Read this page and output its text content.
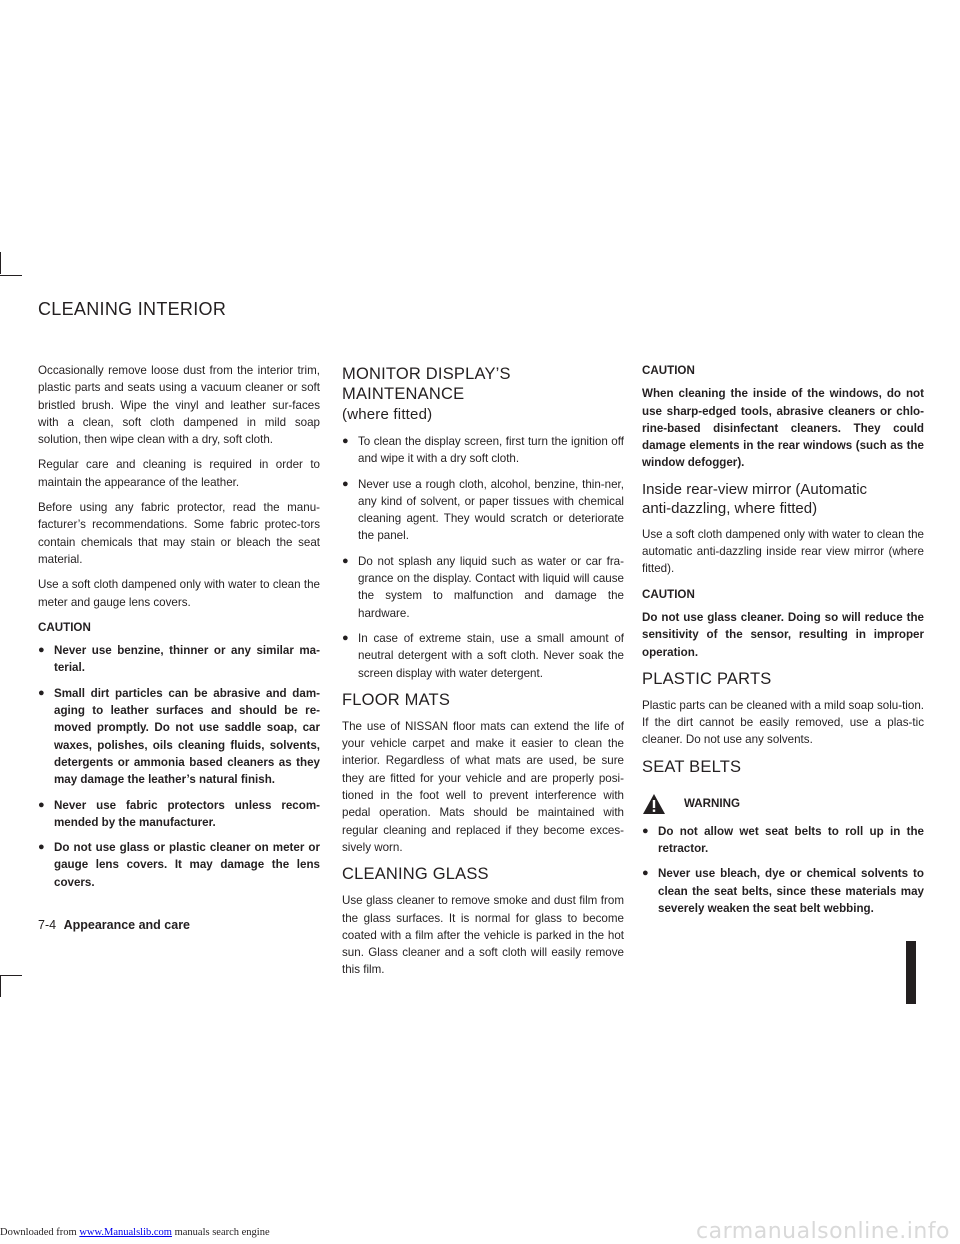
CLEANING INTERIOR

Occasionally remove loose dust from the interior trim, plastic parts and seats using a vacuum cleaner or soft bristled brush. Wipe the vinyl and leather sur-faces with a clean, soft cloth dampened in mild soap solution, then wipe clean with a dry, soft cloth.

Regular care and cleaning is required in order to maintain the appearance of the leather.

Before using any fabric protector, read the manu-facturer’s recommendations. Some fabric protec-tors contain chemicals that may stain or bleach the seat material.

Use a soft cloth dampened only with water to clean the meter and gauge lens covers.

CAUTION
● Never use benzine, thinner or any similar ma-terial.
● Small dirt particles can be abrasive and dam-aging to leather surfaces and should be re-moved promptly. Do not use saddle soap, car waxes, polishes, oils cleaning fluids, solvents, detergents or ammonia based cleaners as they may damage the leather’s natural finish.
● Never use fabric protectors unless recom-mended by the manufacturer.
● Do not use glass or plastic cleaner on meter or gauge lens covers. It may damage the lens covers.
MONITOR DISPLAY’S MAINTENANCE
(where fitted)
● To clean the display screen, first turn the ignition off and wipe it with a dry soft cloth.
● Never use a rough cloth, alcohol, benzine, thin-ner, any kind of solvent, or paper tissues with chemical cleaning agent. They would scratch or deteriorate the panel.
● Do not splash any liquid such as water or car fra-grance on the display. Contact with liquid will cause the system to malfunction and damage the hardware.
● In case of extreme stain, use a small amount of neutral detergent with a soft cloth. Never soak the screen display with water detergent.
FLOOR MATS

The use of NISSAN floor mats can extend the life of your vehicle carpet and make it easier to clean the interior. Regardless of what mats are used, be sure they are fitted for your vehicle and are properly posi-tioned in the foot well to prevent interference with pedal operation. Mats should be maintained with regular cleaning and replaced if they become exces-sively worn.

CLEANING GLASS

Use glass cleaner to remove smoke and dust film from the glass surfaces. It is normal for glass to become coated with a film after the vehicle is parked in the hot sun. Glass cleaner and a soft cloth will easily remove this film.

CAUTION

When cleaning the inside of the windows, do not use sharp-edged tools, abrasive cleaners or chlo-rine-based disinfectant cleaners. They could damage elements in the rear windows (such as the window defogger).

Inside rear-view mirror (Automatic
anti-dazzling, where fitted)

Use a soft cloth dampened only with water to clean the automatic anti-dazzling inside rear view mirror (where fitted).

CAUTION

Do not use glass cleaner. Doing so will reduce the sensitivity of the sensor, resulting in improper operation.

PLASTIC PARTS

Plastic parts can be cleaned with a mild soap solu-tion. If the dirt cannot be easily removed, use a plas-tic cleaner. Do not use any solvents.

SEAT BELTS
WARNING
● Do not allow wet seat belts to roll up in the retractor.
● Never use bleach, dye or chemical solvents to clean the seat belts, since these materials may severely weaken the seat belt webbing.
7-4 Appearance and care
Downloaded from www.Manualslib.com manuals search engine	carmanualsonline.info
